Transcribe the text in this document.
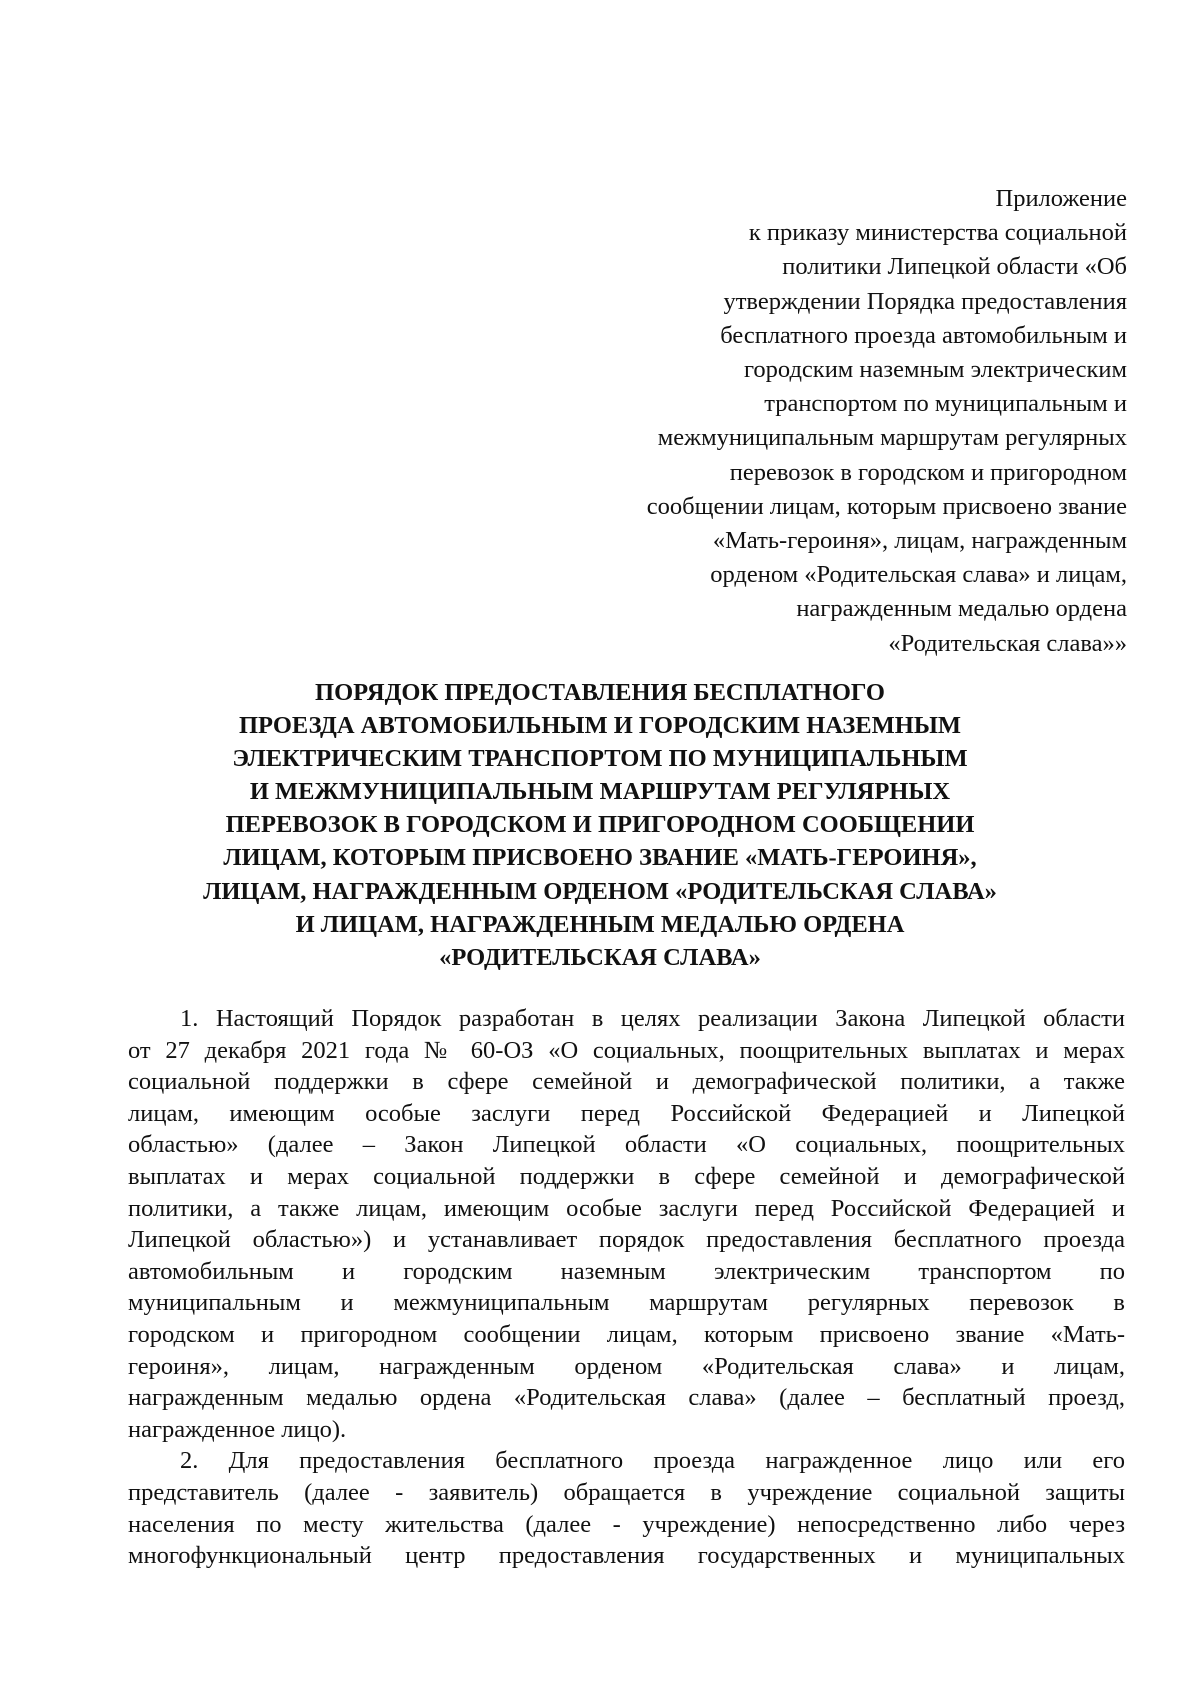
Приложение
к приказу министерства социальной
политики Липецкой области «Об
утверждении Порядка предоставления
бесплатного проезда автомобильным и
городским наземным электрическим
транспортом по муниципальным и
межмуниципальным маршрутам регулярных
перевозок в городском и пригородном
сообщении лицам, которым присвоено звание
«Мать-героиня», лицам, награжденным
орденом «Родительская слава» и лицам,
награжденным медалью ордена
«Родительская слава»»
ПОРЯДОК ПРЕДОСТАВЛЕНИЯ БЕСПЛАТНОГО
ПРОЕЗДА АВТОМОБИЛЬНЫМ И ГОРОДСКИМ НАЗЕМНЫМ
ЭЛЕКТРИЧЕСКИМ ТРАНСПОРТОМ ПО МУНИЦИПАЛЬНЫМ
И МЕЖМУНИЦИПАЛЬНЫМ МАРШРУТАМ РЕГУЛЯРНЫХ
ПЕРЕВОЗОК В ГОРОДСКОМ И ПРИГОРОДНОМ СООБЩЕНИИ
ЛИЦАМ, КОТОРЫМ ПРИСВОЕНО ЗВАНИЕ «МАТЬ-ГЕРОИНЯ»,
ЛИЦАМ, НАГРАЖДЕННЫМ ОРДЕНОМ «РОДИТЕЛЬСКАЯ СЛАВА»
И ЛИЦАМ, НАГРАЖДЕННЫМ МЕДАЛЬЮ ОРДЕНА
«РОДИТЕЛЬСКАЯ СЛАВА»
1. Настоящий Порядок разработан в целях реализации Закона Липецкой области
от 27 декабря 2021 года № 60-ОЗ «О социальных, поощрительных выплатах и мерах
социальной поддержки в сфере семейной и демографической политики, а также
лицам, имеющим особые заслуги перед Российской Федерацией и Липецкой
областью» (далее – Закон Липецкой области «О социальных, поощрительных
выплатах и мерах социальной поддержки в сфере семейной и демографической
политики, а также лицам, имеющим особые заслуги перед Российской Федерацией и
Липецкой областью») и устанавливает порядок предоставления бесплатного проезда
автомобильным и городским наземным электрическим транспортом по
муниципальным и межмуниципальным маршрутам регулярных перевозок в
городском и пригородном сообщении лицам, которым присвоено звание «Мать-
героиня», лицам, награжденным орденом «Родительская слава» и лицам,
награжденным медалью ордена «Родительская слава» (далее – бесплатный проезд,
награжденное лицо).
2. Для предоставления бесплатного проезда награжденное лицо или его
представитель (далее - заявитель) обращается в учреждение социальной защиты
населения по месту жительства (далее - учреждение) непосредственно либо через
многофункциональный центр предоставления государственных и муниципальных
